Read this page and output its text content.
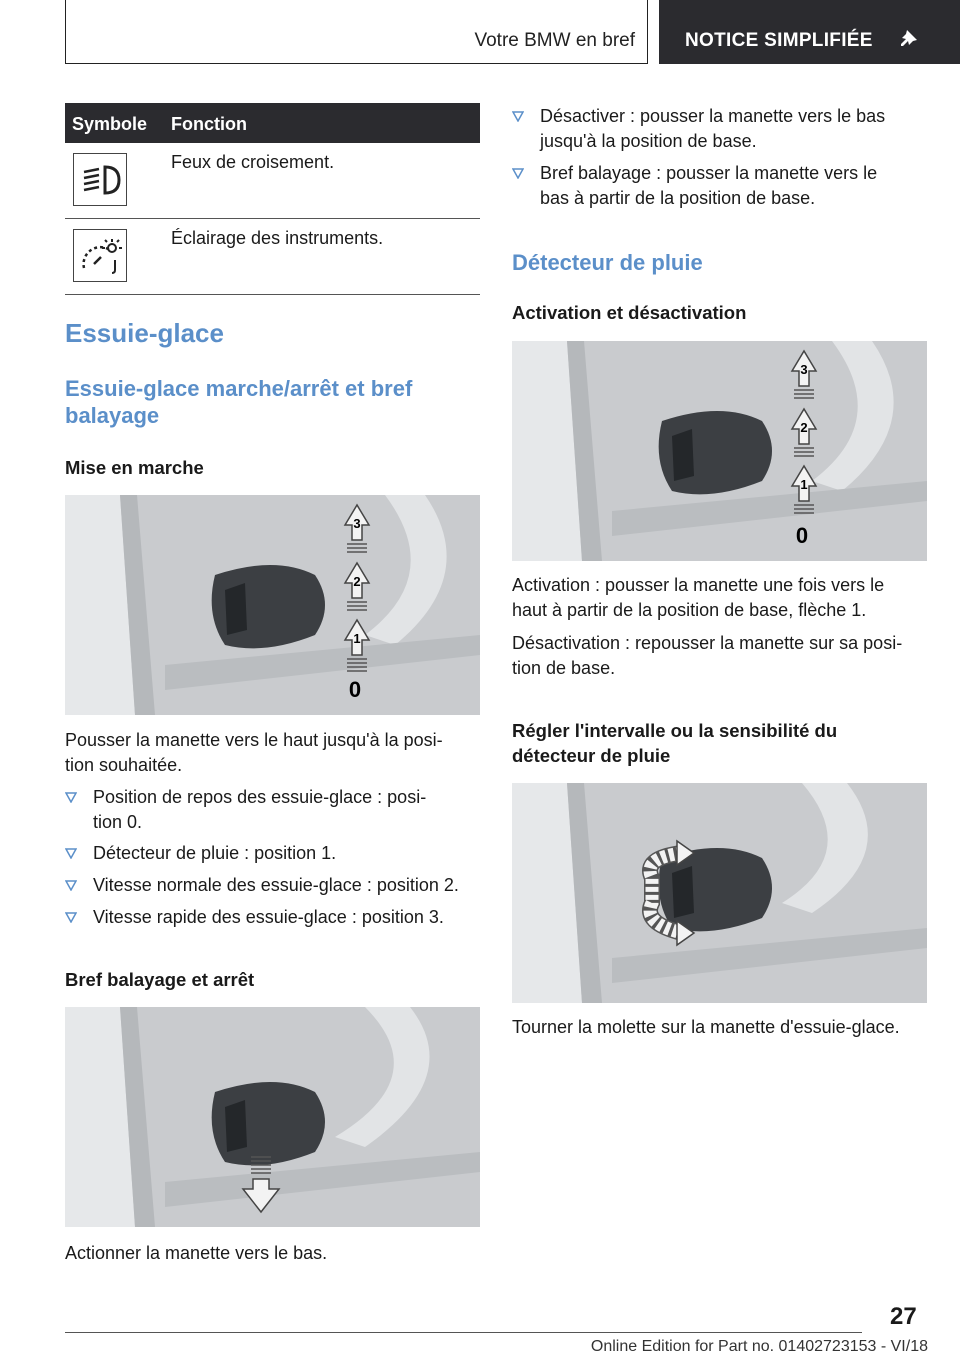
Votre BMW en bref	NOTICE SIMPLIFIÉE
Symbole Fonction
Feux de croisement.
Éclairage des instruments.
Essuie-glace
Essuie-glace marche/arrêt et bref
balayage
Mise en marche
1
2
3
0
Pousser la manette vers le haut jusqu'à la posi-
tion souhaitée.
Position de repos des essuie-glace : posi-
tion 0.
Détecteur de pluie : position 1.
Vitesse normale des essuie-glace : position 2.
Vitesse rapide des essuie-glace : position 3.
Bref balayage et arrêt
Actionner la manette vers le bas.
Désactiver : pousser la manette vers le bas
jusqu'à la position de base.
Bref balayage : pousser la manette vers le
bas à partir de la position de base.
Détecteur de pluie
Activation et désactivation
1
2
3
0
Activation : pousser la manette une fois vers le
haut à partir de la position de base, flèche 1.
Désactivation : repousser la manette sur sa posi-
tion de base.
Régler l'intervalle ou la sensibilité du
détecteur de pluie
Tourner la molette sur la manette d'essuie-glace.
27
Online Edition for Part no. 01402723153 - VI/18
